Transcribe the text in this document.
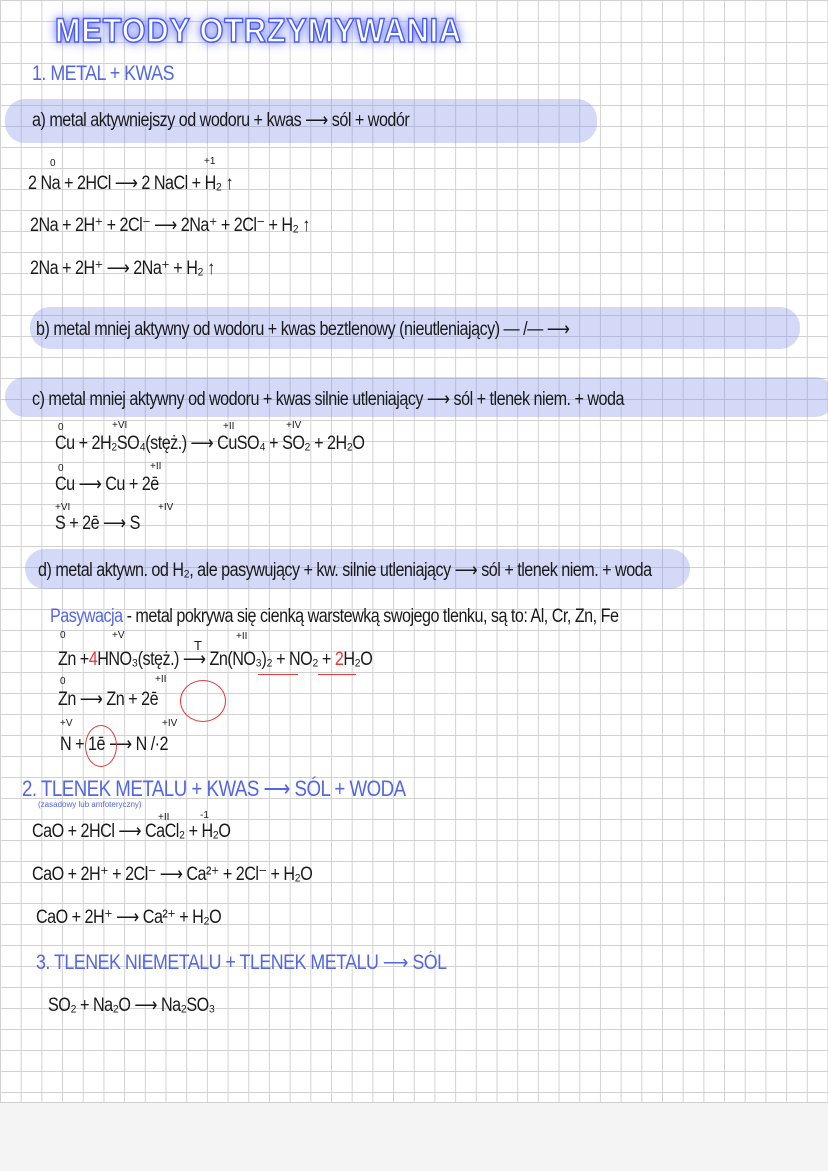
METODY OTRZYMYWANIA
1. METAL + KWAS
a) metal aktywniejszy od wodoru + kwas ⟶ sól + wodór
0	+1
2 Na + 2HCl ⟶ 2 NaCl + H₂ ↑
2Na + 2H⁺ + 2Cl⁻ ⟶ 2Na⁺ + 2Cl⁻ + H₂ ↑
2Na + 2H⁺ ⟶ 2Na⁺ + H₂ ↑
b) metal mniej aktywny od wodoru + kwas beztlenowy (nieutleniający) — /— ⟶
c) metal mniej aktywny od wodoru + kwas silnie utleniający ⟶ sól + tlenek niem. + woda
0	+VI	+II	+IV
Cu + 2H₂SO₄(stęż.) ⟶ CuSO₄ + SO₂ + 2H₂O
0	+II
Cu ⟶ Cu + 2ē
+VI	+IV
S + 2ē ⟶ S
d) metal aktywn. od H₂, ale pasywujący + kw. silnie utleniający ⟶ sól + tlenek niem. + woda
Pasywacja - metal pokrywa się cienką warstewką swojego tlenku, są to: Al, Cr, Zn, Fe
0	+V	+II
T
Zn +4HNO₃(stęż.) ⟶ Zn(NO₃)₂ + NO₂ + 2H₂O
0	+II
Zn ⟶ Zn + 2ē
+V	+IV
N + 1ē ⟶ N /·2
2. TLENEK METALU + KWAS ⟶ SÓL + WODA
(zasadowy lub amfoteryczny)
+II	-1
CaO + 2HCl ⟶ CaCl₂ + H₂O
CaO + 2H⁺ + 2Cl⁻ ⟶ Ca²⁺ + 2Cl⁻ + H₂O
CaO + 2H⁺ ⟶ Ca²⁺ + H₂O
3. TLENEK NIEMETALU + TLENEK METALU ⟶ SÓL
SO₂ + Na₂O ⟶ Na₂SO₃
